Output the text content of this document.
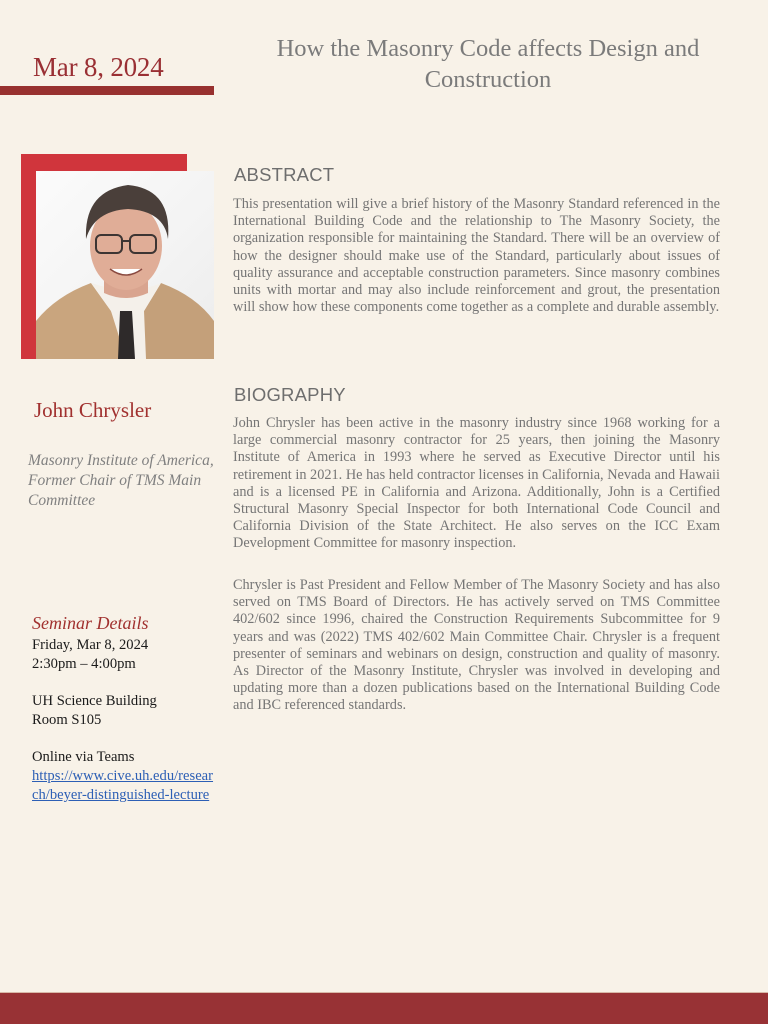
Mar 8, 2024
How the Masonry Code affects Design and Construction
John Chrysler
Masonry Institute of America, Former Chair of TMS Main Committee
ABSTRACT

This presentation will give a brief history of the Masonry Standard referenced in the International Building Code and the relationship to The Masonry Society, the organization responsible for maintaining the Standard. There will be an overview of how the designer should make use of the Standard, particularly about issues of quality assurance and acceptable construction parameters. Since masonry combines units with mortar and may also include reinforcement and grout, the presentation will show how these components come together as a complete and durable assembly.

BIOGRAPHY

John Chrysler has been active in the masonry industry since 1968 working for a large commercial masonry contractor for 25 years, then joining the Masonry Institute of America in 1993 where he served as Executive Director until his retirement in 2021. He has held contractor licenses in California, Nevada and Hawaii and is a licensed PE in California and Arizona. Additionally, John is a Certified Structural Masonry Special Inspector for both International Code Council and California Division of the State Architect. He also serves on the ICC Exam Development Committee for masonry inspection.

Chrysler is Past President and Fellow Member of The Masonry Society and has also served on TMS Board of Directors. He has actively served on TMS Committee 402/602 since 1996, chaired the Construction Requirements Subcommittee for 9 years and was (2022) TMS 402/602 Main Committee Chair. Chrysler is a frequent presenter of seminars and webinars on design, construction and quality of masonry. As Director of the Masonry Institute, Chrysler was involved in developing and updating more than a dozen publications based on the International Building Code and IBC referenced standards.

Seminar Details
Friday, Mar 8, 2024
2:30pm – 4:00pm
UH Science Building
Room S105
Online via Teams
https://www.cive.uh.edu/research/beyer-distinguished-lecture
